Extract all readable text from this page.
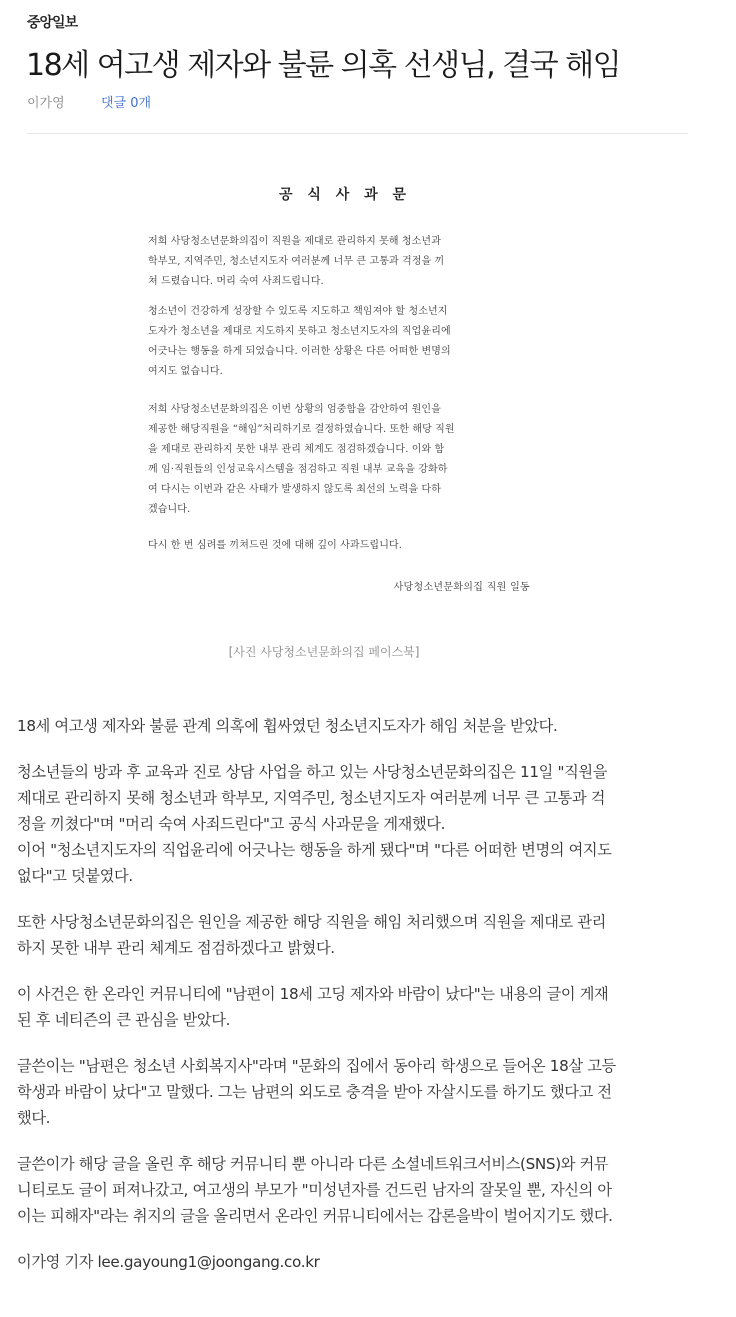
중앙일보
18세 여고생 제자와 불륜 의혹 선생님, 결국 해임
이가영	댓글 0개
공 식 사 과 문
저희 사당청소년문화의집이 직원을 제대로 관리하지 못해 청소년과
학부모, 지역주민, 청소년지도자 여러분께 너무 큰 고통과 걱정을 끼
쳐 드렸습니다. 머리 숙여 사죄드립니다.
청소년이 건강하게 성장할 수 있도록 지도하고 책임져야 할 청소년지
도자가 청소년을 제대로 지도하지 못하고 청소년지도자의 직업윤리에
어긋나는 행동을 하게 되었습니다. 이러한 상황은 다른 어떠한 변명의
여지도 없습니다.
저희 사당청소년문화의집은 이번 상황의 엄중함을 감안하여 원인을
제공한 해당직원을 “해임”처리하기로 결정하였습니다. 또한 해당 직원
을 제대로 관리하지 못한 내부 관리 체계도 점검하겠습니다. 이와 함
께 임·직원들의 인성교육시스템을 점검하고 직원 내부 교육을 강화하
여 다시는 이번과 같은 사태가 발생하지 않도록 최선의 노력을 다하
겠습니다.
다시 한 번 심려를 끼쳐드린 것에 대해 깊이 사과드립니다.
사당청소년문화의집 직원 일동
[사진 사당청소년문화의집 페이스북]

18세 여고생 제자와 불륜 관계 의혹에 휩싸였던 청소년지도자가 해임 처분을 받았다.

청소년들의 방과 후 교육과 진로 상담 사업을 하고 있는 사당청소년문화의집은 11일 "직원을
제대로 관리하지 못해 청소년과 학부모, 지역주민, 청소년지도자 여러분께 너무 큰 고통과 걱
정을 끼쳤다"며 "머리 숙여 사죄드린다"고 공식 사과문을 게재했다.
이어 "청소년지도자의 직업윤리에 어긋나는 행동을 하게 됐다"며 "다른 어떠한 변명의 여지도
없다"고 덧붙였다.

또한 사당청소년문화의집은 원인을 제공한 해당 직원을 해임 처리했으며 직원을 제대로 관리
하지 못한 내부 관리 체계도 점검하겠다고 밝혔다.

이 사건은 한 온라인 커뮤니티에 "남편이 18세 고딩 제자와 바람이 났다"는 내용의 글이 게재
된 후 네티즌의 큰 관심을 받았다.

글쓴이는 "남편은 청소년 사회복지사"라며 "문화의 집에서 동아리 학생으로 들어온 18살 고등
학생과 바람이 났다"고 말했다. 그는 남편의 외도로 충격을 받아 자살시도를 하기도 했다고 전
했다.

글쓴이가 해당 글을 올린 후 해당 커뮤니티 뿐 아니라 다른 소셜네트워크서비스(SNS)와 커뮤
니티로도 글이 퍼져나갔고, 여고생의 부모가 "미성년자를 건드린 남자의 잘못일 뿐, 자신의 아
이는 피해자"라는 취지의 글을 올리면서 온라인 커뮤니티에서는 갑론을박이 벌어지기도 했다.

이가영 기자 lee.gayoung1@joongang.co.kr
